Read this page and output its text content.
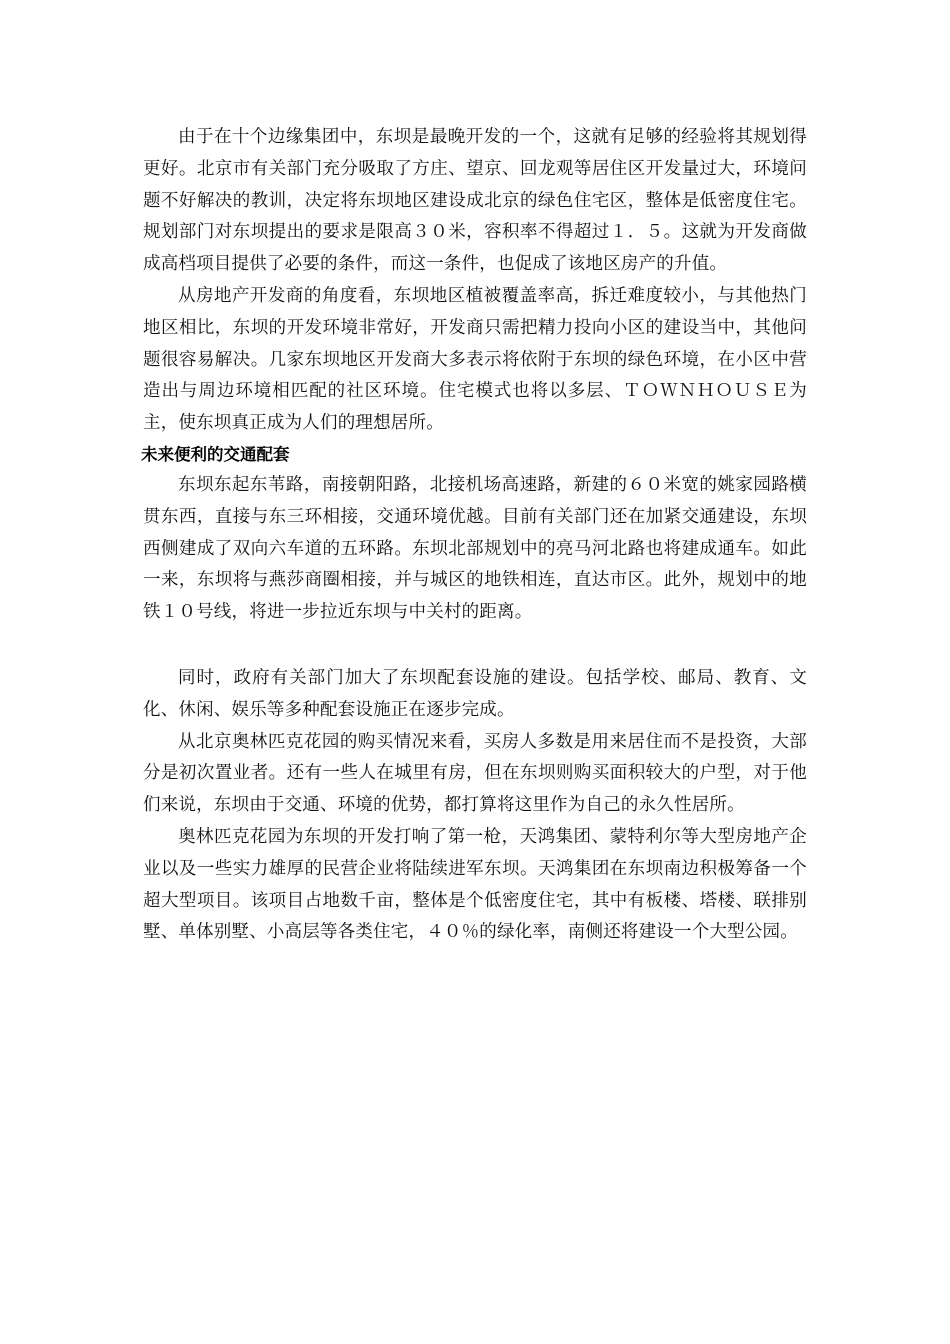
由于在十个边缘集团中，东坝是最晚开发的一个，这就有足够的经验将其规划得更好。北京市有关部门充分吸取了方庄、望京、回龙观等居住区开发量过大，环境问题不好解决的教训，决定将东坝地区建设成北京的绿色住宅区，整体是低密度住宅。规划部门对东坝提出的要求是限高３０米，容积率不得超过１．５。这就为开发商做成高档项目提供了必要的条件，而这一条件，也促成了该地区房产的升值。

从房地产开发商的角度看，东坝地区植被覆盖率高，拆迁难度较小，与其他热门地区相比，东坝的开发环境非常好，开发商只需把精力投向小区的建设当中，其他问题很容易解决。几家东坝地区开发商大多表示将依附于东坝的绿色环境，在小区中营造出与周边环境相匹配的社区环境。住宅模式也将以多层、ＴＯＷＮＨＯＵＳＥ为主，使东坝真正成为人们的理想居所。

未来便利的交通配套

东坝东起东苇路，南接朝阳路，北接机场高速路，新建的６０米宽的姚家园路横贯东西，直接与东三环相接，交通环境优越。目前有关部门还在加紧交通建设，东坝西侧建成了双向六车道的五环路。东坝北部规划中的亮马河北路也将建成通车。如此一来，东坝将与燕莎商圈相接，并与城区的地铁相连，直达市区。此外，规划中的地铁１０号线，将进一步拉近东坝与中关村的距离。

同时，政府有关部门加大了东坝配套设施的建设。包括学校、邮局、教育、文化、休闲、娱乐等多种配套设施正在逐步完成。

从北京奥林匹克花园的购买情况来看，买房人多数是用来居住而不是投资，大部分是初次置业者。还有一些人在城里有房，但在东坝则购买面积较大的户型，对于他们来说，东坝由于交通、环境的优势，都打算将这里作为自己的永久性居所。

奥林匹克花园为东坝的开发打响了第一枪，天鸿集团、蒙特利尔等大型房地产企业以及一些实力雄厚的民营企业将陆续进军东坝。天鸿集团在东坝南边积极筹备一个超大型项目。该项目占地数千亩，整体是个低密度住宅，其中有板楼、塔楼、联排别墅、单体别墅、小高层等各类住宅，４０％的绿化率，南侧还将建设一个大型公园。
